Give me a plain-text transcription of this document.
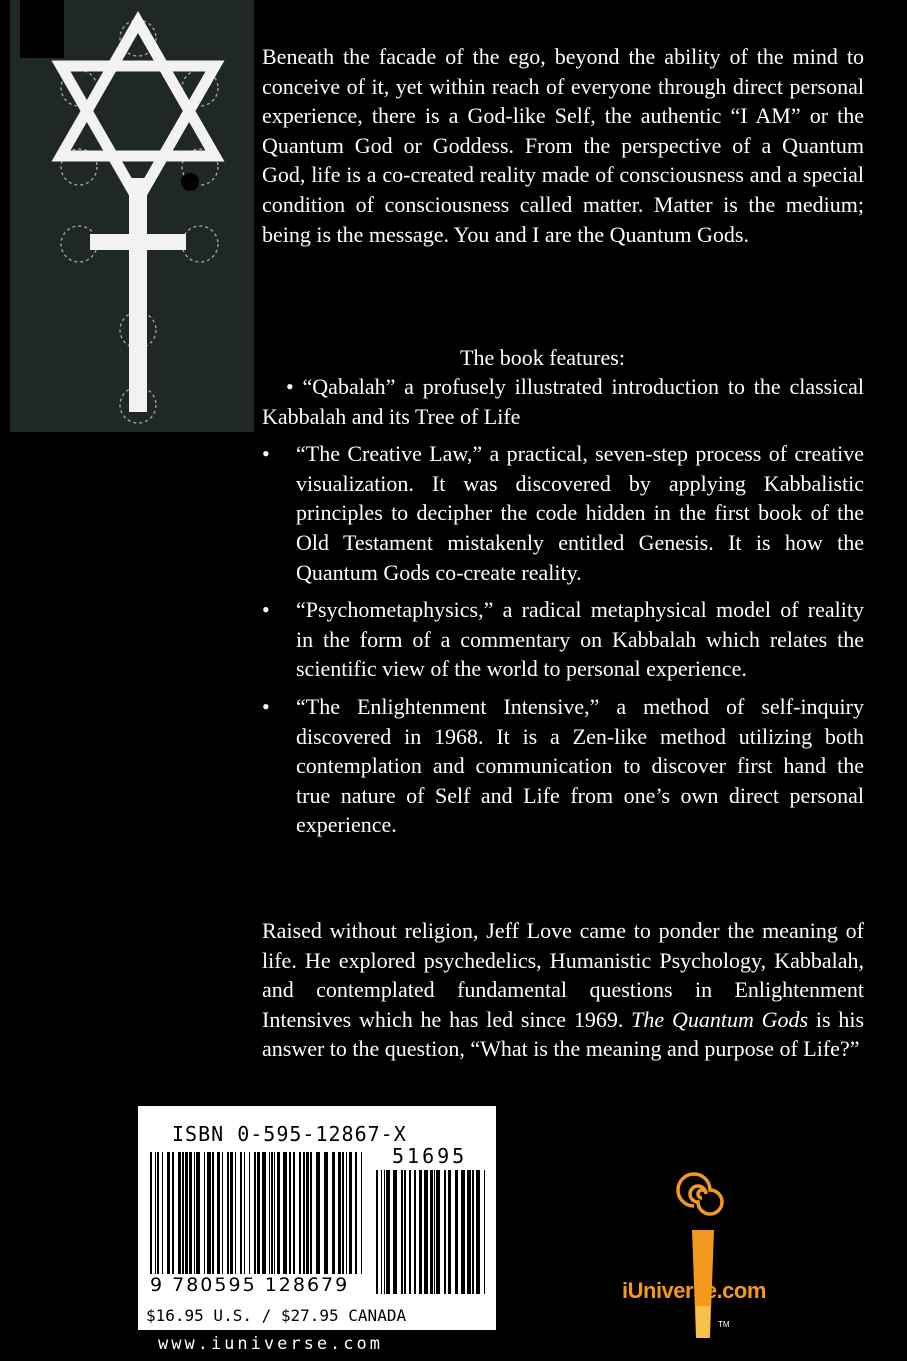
Beneath the facade of the ego, beyond the ability of the mind to conceive of it, yet within reach of everyone through direct personal experience, there is a God-like Self, the authentic “I AM” or the Quantum God or Goddess. From the perspective of a Quantum God, life is a co-created reality made of consciousness and a special condition of consciousness called matter. Matter is the medium; being is the message. You and I are the Quantum Gods.

The book features:

• “Qabalah” a profusely illustrated introduction to the classical Kabbalah and its Tree of Life
• “The Creative Law,” a practical, seven-step process of creative visualization. It was discovered by applying Kabbalistic principles to decipher the code hidden in the first book of the Old Testament mistakenly entitled Genesis. It is how the Quantum Gods co-create reality.
• “Psychometaphysics,” a radical metaphysical model of reality in the form of a commentary on Kabbalah which relates the scientific view of the world to personal experience.
• “The Enlightenment Intensive,” a method of self-inquiry discovered in 1968. It is a Zen-like method utilizing both contemplation and communication to discover first hand the true nature of Self and Life from one’s own direct personal experience.

Raised without religion, Jeff Love came to ponder the meaning of life. He explored psychedelics, Humanistic Psychology, Kabbalah, and contemplated fundamental questions in Enlightenment Intensives which he has led since 1969. The Quantum Gods is his answer to the question, “What is the meaning and purpose of Life?”

ISBN 0-595-12867-X
51695
9 780595 128679
$16.95 U.S. / $27.95 CANADA
www.iuniverse.com
iUniverse.com
TM
